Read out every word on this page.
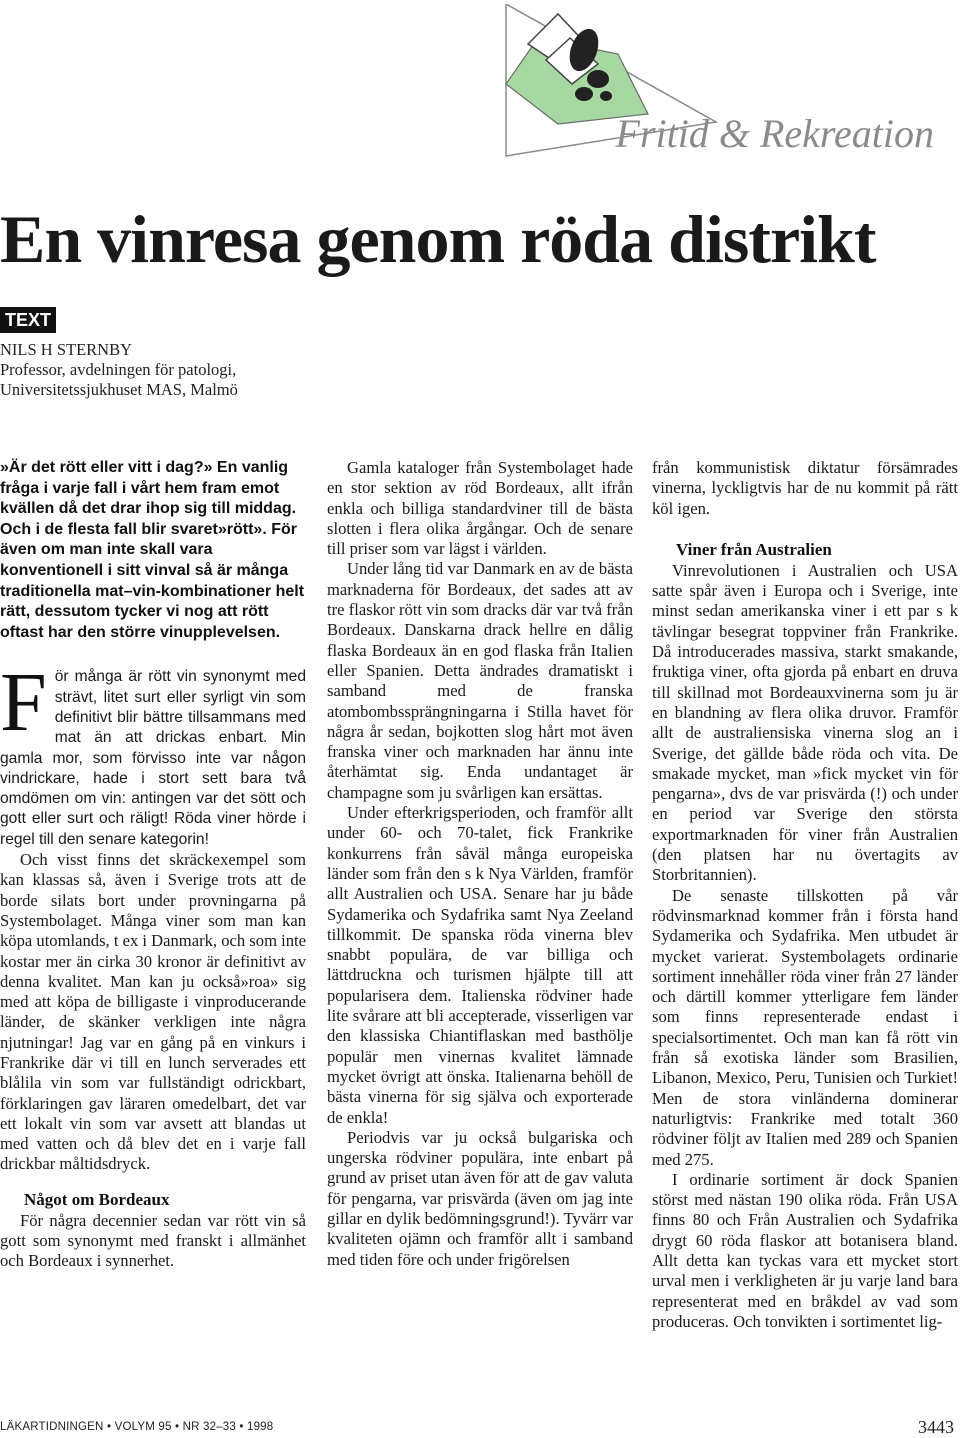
Fritid & Rekreation
En vinresa genom röda distrikt
TEXT
NILS H STERNBY
Professor, avdelningen för patologi,
Universitetssjukhuset MAS, Malmö

»Är det rött eller vitt i dag?» En vanlig fråga i varje fall i vårt hem fram emot kvällen då det drar ihop sig till middag. Och i de flesta fall blir svaret»rött». För även om man inte skall vara konventionell i sitt vinval så är många traditionella mat–vin-kombinationer helt rätt, dessutom tycker vi nog att rött oftast har den större vinupplevelsen.

För många är rött vin synonymt med strävt, litet surt eller syrligt vin som definitivt blir bättre tillsammans med mat än att drickas enbart. Min gamla mor, som förvisso inte var någon vindrickare, hade i stort sett bara två omdömen om vin: antingen var det sött och gott eller surt och räligt! Röda viner hörde i regel till den senare kategorin!

Och visst finns det skräckexempel som kan klassas så, även i Sverige trots att de borde silats bort under provningarna på Systembolaget. Många viner som man kan köpa utomlands, t ex i Danmark, och som inte kostar mer än cirka 30 kronor är definitivt av denna kvalitet. Man kan ju också»roa» sig med att köpa de billigaste i vinproducerande länder, de skänker verkligen inte några njutningar! Jag var en gång på en vinkurs i Frankrike där vi till en lunch serverades ett blålila vin som var fullständigt odrickbart, förklaringen gav läraren omedelbart, det var ett lokalt vin som var avsett att blandas ut med vatten och då blev det en i varje fall drickbar måltidsdryck.

Något om Bordeaux

För några decennier sedan var rött vin så gott som synonymt med franskt i allmänhet och Bordeaux i synnerhet.

Gamla kataloger från Systembolaget hade en stor sektion av röd Bordeaux, allt ifrån enkla och billiga standardviner till de bästa slotten i flera olika årgångar. Och de senare till priser som var lägst i världen.

Under lång tid var Danmark en av de bästa marknaderna för Bordeaux, det sades att av tre flaskor rött vin som dracks där var två från Bordeaux. Danskarna drack hellre en dålig flaska Bordeaux än en god flaska från Italien eller Spanien. Detta ändrades dramatiskt i samband med de franska atombombssprängningarna i Stilla havet för några år sedan, bojkotten slog hårt mot även franska viner och marknaden har ännu inte återhämtat sig. Enda undantaget är champagne som ju svårligen kan ersättas.

Under efterkrigsperioden, och framför allt under 60- och 70-talet, fick Frankrike konkurrens från såväl många europeiska länder som från den s k Nya Världen, framför allt Australien och USA. Senare har ju både Sydamerika och Sydafrika samt Nya Zeeland tillkommit. De spanska röda vinerna blev snabbt populära, de var billiga och lättdruckna och turismen hjälpte till att popularisera dem. Italienska rödviner hade lite svårare att bli accepterade, visserligen var den klassiska Chiantiflaskan med basthölje populär men vinernas kvalitet lämnade mycket övrigt att önska. Italienarna behöll de bästa vinerna för sig själva och exporterade de enkla!

Periodvis var ju också bulgariska och ungerska rödviner populära, inte enbart på grund av priset utan även för att de gav valuta för pengarna, var prisvärda (även om jag inte gillar en dylik bedömningsgrund!). Tyvärr var kvaliteten ojämn och framför allt i samband med tiden före och under frigörelsen

från kommunistisk diktatur försämrades vinerna, lyckligtvis har de nu kommit på rätt köl igen.

Viner från Australien

Vinrevolutionen i Australien och USA satte spår även i Europa och i Sverige, inte minst sedan amerikanska viner i ett par s k tävlingar besegrat toppviner från Frankrike. Då introducerades massiva, starkt smakande, fruktiga viner, ofta gjorda på enbart en druva till skillnad mot Bordeauxvinerna som ju är en blandning av flera olika druvor. Framför allt de australiensiska vinerna slog an i Sverige, det gällde både röda och vita. De smakade mycket, man »fick mycket vin för pengarna», dvs de var prisvärda (!) och under en period var Sverige den största exportmarknaden för viner från Australien (den platsen har nu övertagits av Storbritannien).

De senaste tillskotten på vår rödvinsmarknad kommer från i första hand Sydamerika och Sydafrika. Men utbudet är mycket varierat. Systembolagets ordinarie sortiment innehåller röda viner från 27 länder och därtill kommer ytterligare fem länder som finns representerade endast i specialsortimentet. Och man kan få rött vin från så exotiska länder som Brasilien, Libanon, Mexico, Peru, Tunisien och Turkiet! Men de stora vinländerna dominerar naturligtvis: Frankrike med totalt 360 rödviner följt av Italien med 289 och Spanien med 275.

I ordinarie sortiment är dock Spanien störst med nästan 190 olika röda. Från USA finns 80 och Från Australien och Sydafrika drygt 60 röda flaskor att botanisera bland. Allt detta kan tyckas vara ett mycket stort urval men i verkligheten är ju varje land bara representerat med en bråkdel av vad som produceras. Och tonvikten i sortimentet lig-

LÄKARTIDNINGEN • VOLYM 95 • NR 32–33 • 1998	3443
